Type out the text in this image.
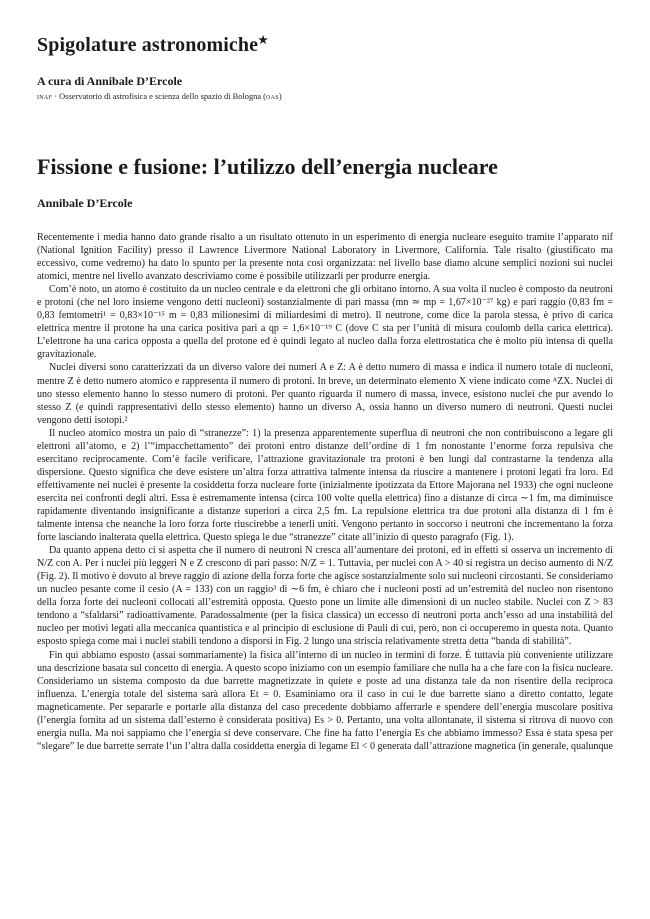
Spigolature astronomiche★
A cura di Annibale D’Ercole
inaf · Osservatorio di astrofisica e scienza dello spazio di Bologna (oas)
Fissione e fusione: l’utilizzo dell’energia nucleare
Annibale D’Ercole

Recentemente i media hanno dato grande risalto a un risultato ottenuto in un esperimento di energia nucleare eseguito tramite l’apparato nif (National Ignition Facility) presso il Lawrence Livermore National Laboratory in Livermore, California. Tale risalto (giustificato ma eccessivo, come vedremo) ha dato lo spunto per la presente nota così organizzata: nel livello base diamo alcune semplici nozioni sui nuclei atomici, mentre nel livello avanzato descriviamo come è possibile utilizzarli per produrre energia.

Com’è noto, un atomo è costituito da un nucleo centrale e da elettroni che gli orbitano intorno. A sua volta il nucleo è composto da neutroni e protoni (che nel loro insieme vengono detti nucleoni) sostanzialmente di pari massa (mn ≃ mp = 1,67×10⁻²⁷ kg) e pari raggio (0,83 fm = 0,83 femtometri¹ = 0,83×10⁻¹⁵ m = 0,83 milionesimi di miliardesimi di metro). Il neutrone, come dice la parola stessa, è privo di carica elettrica mentre il protone ha una carica positiva pari a qp = 1,6×10⁻¹⁹ C (dove C sta per l’unità di misura coulomb della carica elettrica). L’elettrone ha una carica opposta a quella del protone ed è quindi legato al nucleo dalla forza elettrostatica che è molto più intensa di quella gravitazionale.

Nuclei diversi sono caratterizzati da un diverso valore dei numeri A e Z: A è detto numero di massa e indica il numero totale di nucleoni, mentre Z è detto numero atomico e rappresenta il numero di protoni. In breve, un determinato elemento X viene indicato come ᴬZX. Nuclei di uno stesso elemento hanno lo stesso numero di protoni. Per quanto riguarda il numero di massa, invece, esistono nuclei che pur avendo lo stesso Z (e quindi rappresentativi dello stesso elemento) hanno un diverso A, ossia hanno un diverso numero di neutroni. Questi nuclei vengono detti isotopi.²

Il nucleo atomico mostra un paio di “stranezze”: 1) la presenza apparentemente superflua di neutroni che non contribuiscono a legare gli elettroni all’atomo, e 2) l’“impacchettamento” dei protoni entro distanze dell’ordine di 1 fm nonostante l’enorme forza repulsiva che esercitano reciprocamente. Com’è facile verificare, l’attrazione gravitazionale tra protoni è ben lungi dal contrastarne la tendenza alla dispersione. Questo significa che deve esistere un’altra forza attrattiva talmente intensa da riuscire a mantenere i protoni legati fra loro. Ed effettivamente nei nuclei è presente la cosiddetta forza nucleare forte (inizialmente ipotizzata da Ettore Majorana nel 1933) che ogni nucleone esercita nei confronti degli altri. Essa è estremamente intensa (circa 100 volte quella elettrica) fino a distanze di circa ∼1 fm, ma diminuisce rapidamente diventando insignificante a distanze superiori a circa 2,5 fm. La repulsione elettrica tra due protoni alla distanza di 1 fm è talmente intensa che neanche la loro forza forte riuscirebbe a tenerli uniti. Vengono pertanto in soccorso i neutroni che incrementano la forza forte lasciando inalterata quella elettrica. Questo spiega le due “stranezze” citate all’inizio di questo paragrafo (Fig. 1).

Da quanto appena detto ci si aspetta che il numero di neutroni N cresca all’aumentare dei protoni, ed in effetti si osserva un incremento di N/Z con A. Per i nuclei più leggeri N e Z crescono di pari passo: N/Z = 1. Tuttavia, per nuclei con A > 40 si registra un deciso aumento di N/Z (Fig. 2). Il motivo è dovuto al breve raggio di azione della forza forte che agisce sostanzialmente solo sui nucleoni circostanti. Se consideriamo un nucleo pesante come il cesio (A = 133) con un raggio³ di ∼6 fm, è chiaro che i nucleoni posti ad un’estremità del nucleo non risentono della forza forte dei nucleoni collocati all’estremità opposta. Questo pone un limite alle dimensioni di un nucleo stabile. Nuclei con Z > 83 tendono a “sfaldarsi” radioattivamente. Paradossalmente (per la fisica classica) un eccesso di neutroni porta anch’esso ad una instabilità del nucleo per motivi legati alla meccanica quantistica e al principio di esclusione di Pauli di cui, però, non ci occuperemo in questa nota. Quanto esposto spiega come mai i nuclei stabili tendono a disporsi in Fig. 2 lungo una striscia relativamente stretta detta “banda di stabilità”.

Fin qui abbiamo esposto (assai sommariamente) la fisica all’interno di un nucleo in termini di forze. È tuttavia più conveniente utilizzare una descrizione basata sul concetto di energia. A questo scopo iniziamo con un esempio familiare che nulla ha a che fare con la fisica nucleare. Consideriamo un sistema composto da due barrette magnetizzate in quiete e poste ad una distanza tale da non risentire della reciproca influenza. L’energia totale del sistema sarà allora Et = 0. Esaminiamo ora il caso in cui le due barrette siano a diretto contatto, legate magneticamente. Per separarle e portarle alla distanza del caso precedente dobbiamo afferrarle e spendere dell’energia muscolare positiva (l’energia fornita ad un sistema dall’esterno è considerata positiva) Es > 0. Pertanto, una volta allontanate, il sistema si ritrova di nuovo con energia nulla. Ma noi sappiamo che l’energia si deve conservare. Che fine ha fatto l’energia Es che abbiamo immesso? Essa è stata spesa per “slegare” le due barrette serrate l’un l’altra dalla cosiddetta energia di legame El < 0 generata dall’attrazione magnetica (in generale, qualunque
